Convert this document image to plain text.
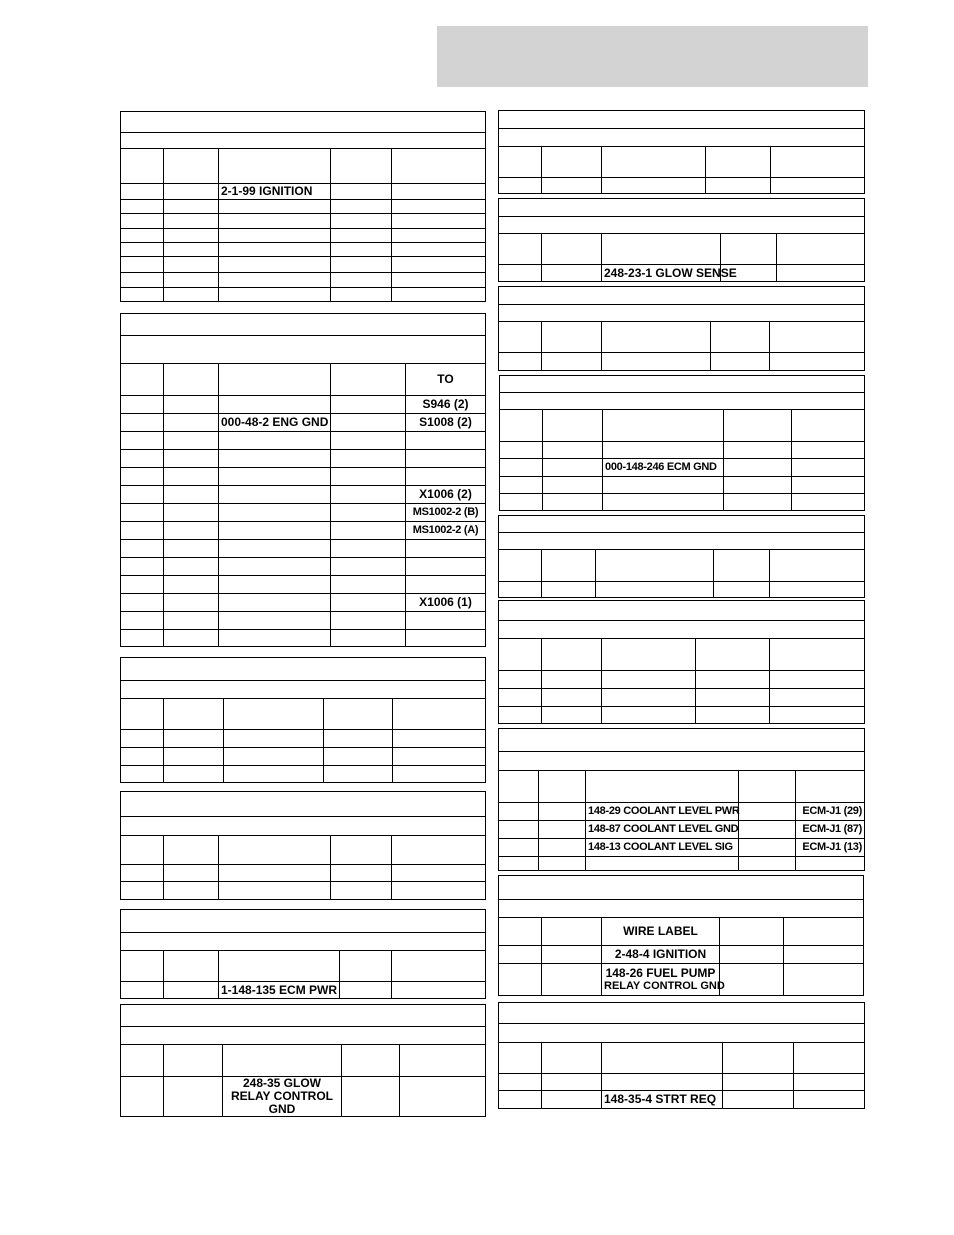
		2-1-99 IGNITION		

				TO
				S946 (2)
		000-48-2 ENG GND		S1008 (2)

				X1006 (2)
				MS1002-2 (B)
				MS1002-2 (A)

				X1006 (1)

		1-148-135 ECM PWR		

		248-35 GLOW RELAY CONTROL GND		

		248-23-1 GLOW SENSE		

		000-148-246 ECM GND		

		148-29 COOLANT LEVEL PWR		ECM-J1 (29)
		148-87 COOLANT LEVEL GND		ECM-J1 (87)
		148-13 COOLANT LEVEL SIG		ECM-J1 (13)

		WIRE LABEL		
		2-48-4 IGNITION		

		148-26 FUEL PUMP
RELAY CONTROL GND		

		148-35-4 STRT REQ		
